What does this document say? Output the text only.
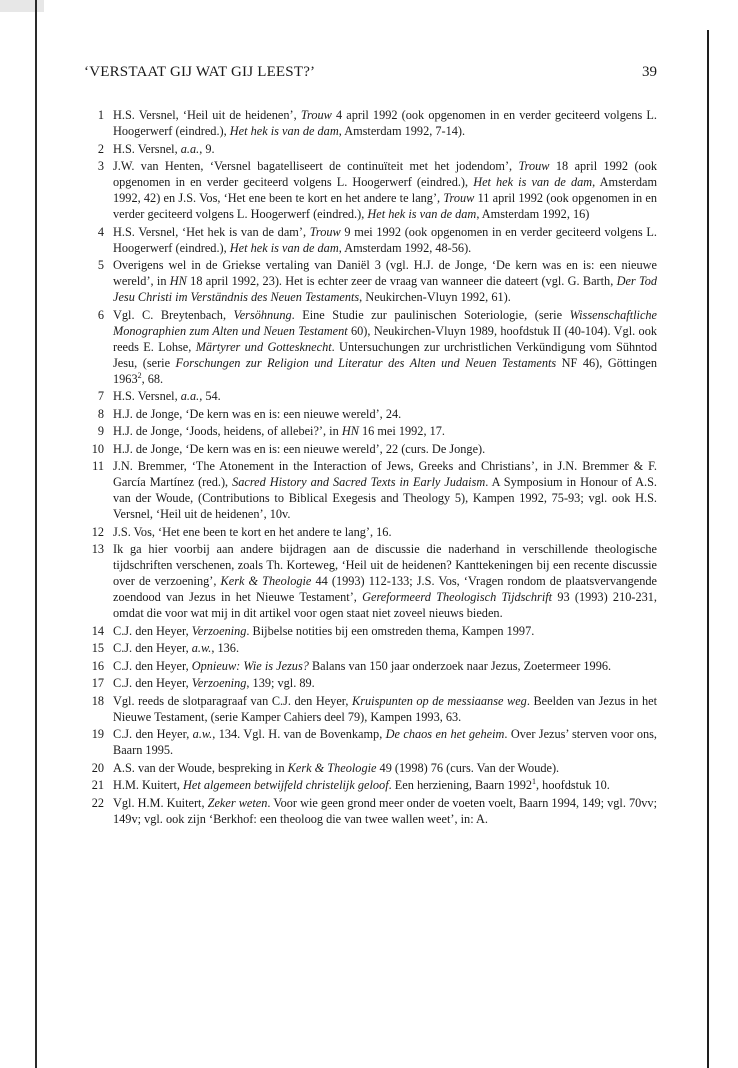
‘VERSTAAT GIJ WAT GIJ LEEST?’	39
1 H.S. Versnel, ‘Heil uit de heidenen’, Trouw 4 april 1992 (ook opgenomen in en verder geciteerd volgens L. Hoogerwerf (eindred.), Het hek is van de dam, Amsterdam 1992, 7-14).
2 H.S. Versnel, a.a., 9.
3 J.W. van Henten, ‘Versnel bagatelliseert de continuïteit met het jodendom’, Trouw 18 april 1992 (ook opgenomen in en verder geciteerd volgens L. Hoogerwerf (eindred.), Het hek is van de dam, Amsterdam 1992, 42) en J.S. Vos, ‘Het ene been te kort en het andere te lang’, Trouw 11 april 1992 (ook opgenomen in en verder geciteerd volgens L. Hoogerwerf (eindred.), Het hek is van de dam, Amsterdam 1992, 16)
4 H.S. Versnel, ‘Het hek is van de dam’, Trouw 9 mei 1992 (ook opgenomen in en verder geciteerd volgens L. Hoogerwerf (eindred.), Het hek is van de dam, Amsterdam 1992, 48-56).
5 Overigens wel in de Griekse vertaling van Daniël 3 (vgl. H.J. de Jonge, ‘De kern was en is: een nieuwe wereld’, in HN 18 april 1992, 23). Het is echter zeer de vraag van wanneer die dateert (vgl. G. Barth, Der Tod Jesu Christi im Verständnis des Neuen Testaments, Neukirchen-Vluyn 1992, 61).
6 Vgl. C. Breytenbach, Versöhnung. Eine Studie zur paulinischen Soteriologie, (serie Wissenschaftliche Monographien zum Alten und Neuen Testament 60), Neukirchen-Vluyn 1989, hoofdstuk II (40-104). Vgl. ook reeds E. Lohse, Märtyrer und Gottesknecht. Untersuchungen zur urchristlichen Verkündigung vom Sühntod Jesu, (serie Forschungen zur Religion und Literatur des Alten und Neuen Testaments NF 46), Göttingen 1963$^2$, 68.
7 H.S. Versnel, a.a., 54.
8 H.J. de Jonge, ‘De kern was en is: een nieuwe wereld’, 24.
9 H.J. de Jonge, ‘Joods, heidens, of allebei?’, in HN 16 mei 1992, 17.
10 H.J. de Jonge, ‘De kern was en is: een nieuwe wereld’, 22 (curs. De Jonge).
11 J.N. Bremmer, ‘The Atonement in the Interaction of Jews, Greeks and Christians’, in J.N. Bremmer & F. García Martínez (red.), Sacred History and Sacred Texts in Early Judaism. A Symposium in Honour of A.S. van der Woude, (Contributions to Biblical Exegesis and Theology 5), Kampen 1992, 75-93; vgl. ook H.S. Versnel, ‘Heil uit de heidenen’, 10v.
12 J.S. Vos, ‘Het ene been te kort en het andere te lang’, 16.
13 Ik ga hier voorbij aan andere bijdragen aan de discussie die naderhand in verschillende theologische tijdschriften verschenen, zoals Th. Korteweg, ‘Heil uit de heidenen? Kanttekeningen bij een recente discussie over de verzoening’, Kerk & Theologie 44 (1993) 112-133; J.S. Vos, ‘Vragen rondom de plaatsvervangende zoendood van Jezus in het Nieuwe Testament’, Gereformeerd Theologisch Tijdschrift 93 (1993) 210-231, omdat die voor wat mij in dit artikel voor ogen staat niet zoveel nieuws bieden.
14 C.J. den Heyer, Verzoening. Bijbelse notities bij een omstreden thema, Kampen 1997.
15 C.J. den Heyer, a.w., 136.
16 C.J. den Heyer, Opnieuw: Wie is Jezus? Balans van 150 jaar onderzoek naar Jezus, Zoetermeer 1996.
17 C.J. den Heyer, Verzoening, 139; vgl. 89.
18 Vgl. reeds de slotparagraaf van C.J. den Heyer, Kruispunten op de messiaanse weg. Beelden van Jezus in het Nieuwe Testament, (serie Kamper Cahiers deel 79), Kampen 1993, 63.
19 C.J. den Heyer, a.w., 134. Vgl. H. van de Bovenkamp, De chaos en het geheim. Over Jezus’ sterven voor ons, Baarn 1995.
20 A.S. van der Woude, bespreking in Kerk & Theologie 49 (1998) 76 (curs. Van der Woude).
21 H.M. Kuitert, Het algemeen betwijfeld christelijk geloof. Een herziening, Baarn 1992$^1$, hoofdstuk 10.
22 Vgl. H.M. Kuitert, Zeker weten. Voor wie geen grond meer onder de voeten voelt, Baarn 1994, 149; vgl. 70vv; 149v; vgl. ook zijn ‘Berkhof: een theoloog die van twee wallen weet’, in: A.
